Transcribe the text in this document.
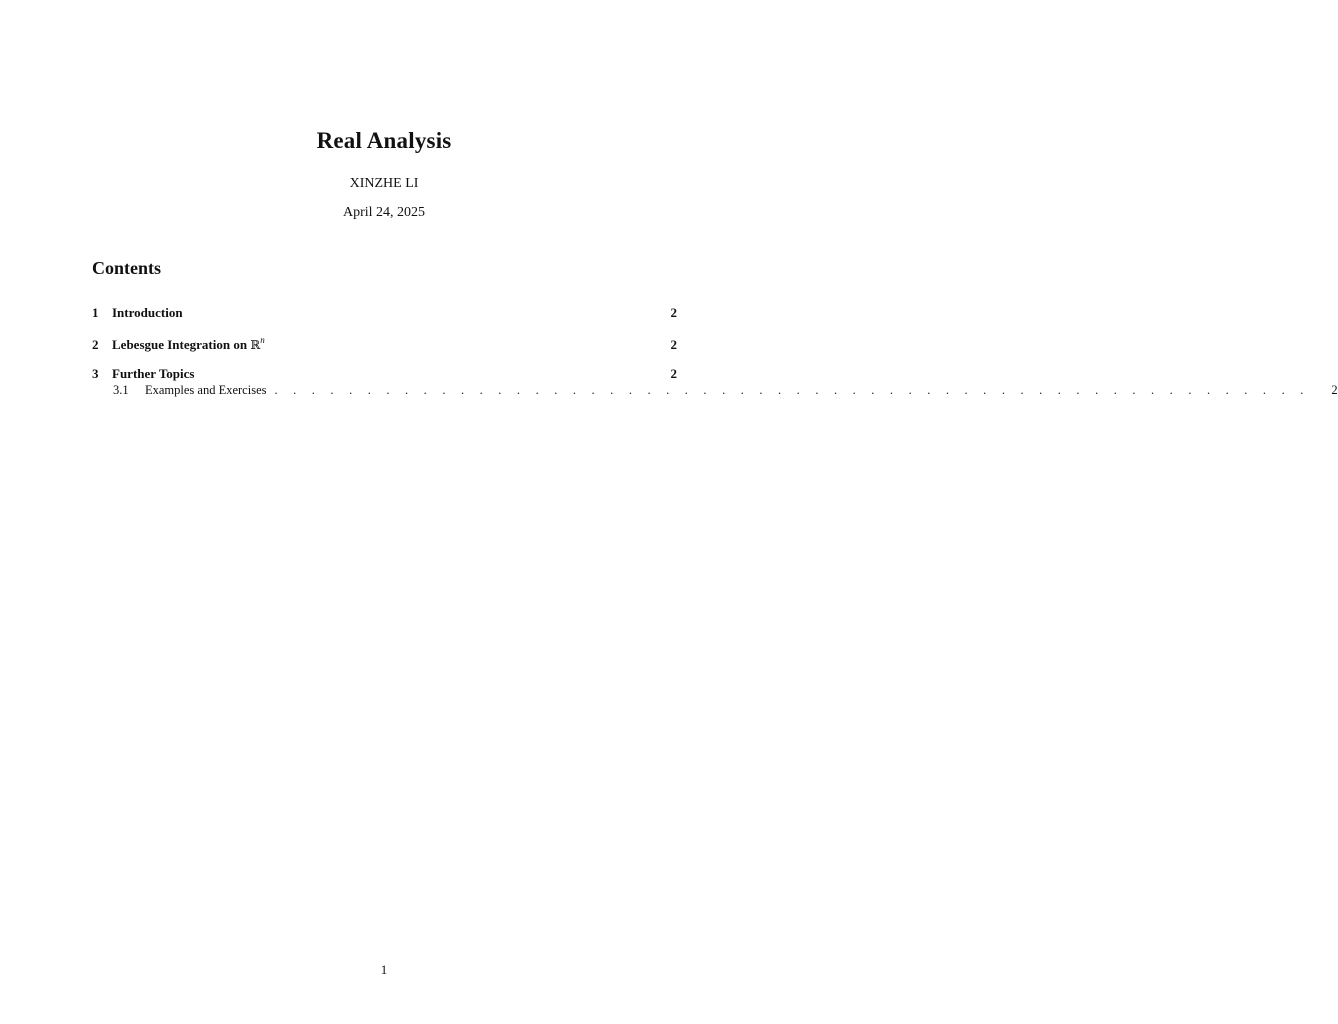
Real Analysis
XINZHE LI
April 24, 2025
Contents
1	Introduction	2
2	Lebesgue Integration on ℝ$^n$	2
3	Further Topics	2
3.1	Examples and Exercises . . . . . . . . . . . . . . . . . . . . . . . . . . . . . . . . . . . . . . . . . . . . . . . . . . . . . . . .	2
1
